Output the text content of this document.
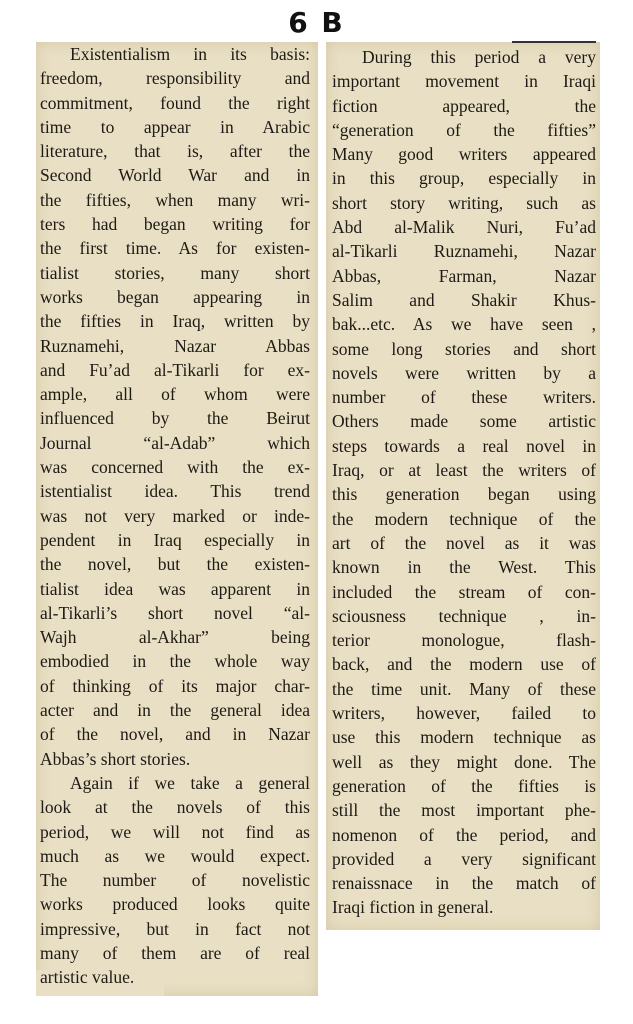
6 B
Existentialism in its basis:
freedom, responsibility and
commitment, found the right
time to appear in Arabic
literature, that is, after the
Second World War and in
the fifties, when many wri-
ters had began writing for
the first time. As for existen-
tialist stories, many short
works began appearing in
the fifties in Iraq, written by
Ruznamehi, Nazar Abbas
and Fu’ad al-Tikarli for ex-
ample, all of whom were
influenced by the Beirut
Journal “al-Adab” which
was concerned with the ex-
istentialist idea. This trend
was not very marked or inde-
pendent in Iraq especially in
the novel, but the existen-
tialist idea was apparent in
al-Tikarli’s short novel “al-
Wajh al-Akhar” being
embodied in the whole way
of thinking of its major char-
acter and in the general idea
of the novel, and in Nazar
Abbas’s short stories.
Again if we take a general
look at the novels of this
period, we will not find as
much as we would expect.
The number of novelistic
works produced looks quite
impressive, but in fact not
many of them are of real
artistic value.
During this period a very
important movement in Iraqi
fiction appeared, the
“generation of the fifties”
Many good writers appeared
in this group, especially in
short story writing, such as
Abd al-Malik Nuri, Fu’ad
al-Tikarli Ruznamehi, Nazar
Abbas, Farman, Nazar
Salim and Shakir Khus-
bak...etc. As we have seen ,
some long stories and short
novels were written by a
number of these writers.
Others made some artistic
steps towards a real novel in
Iraq, or at least the writers of
this generation began using
the modern technique of the
art of the novel as it was
known in the West. This
included the stream of con-
sciousness technique , in-
terior monologue, flash-
back, and the modern use of
the time unit. Many of these
writers, however, failed to
use this modern technique as
well as they might done. The
generation of the fifties is
still the most important phe-
nomenon of the period, and
provided a very significant
renaissnace in the match of
Iraqi fiction in general.
